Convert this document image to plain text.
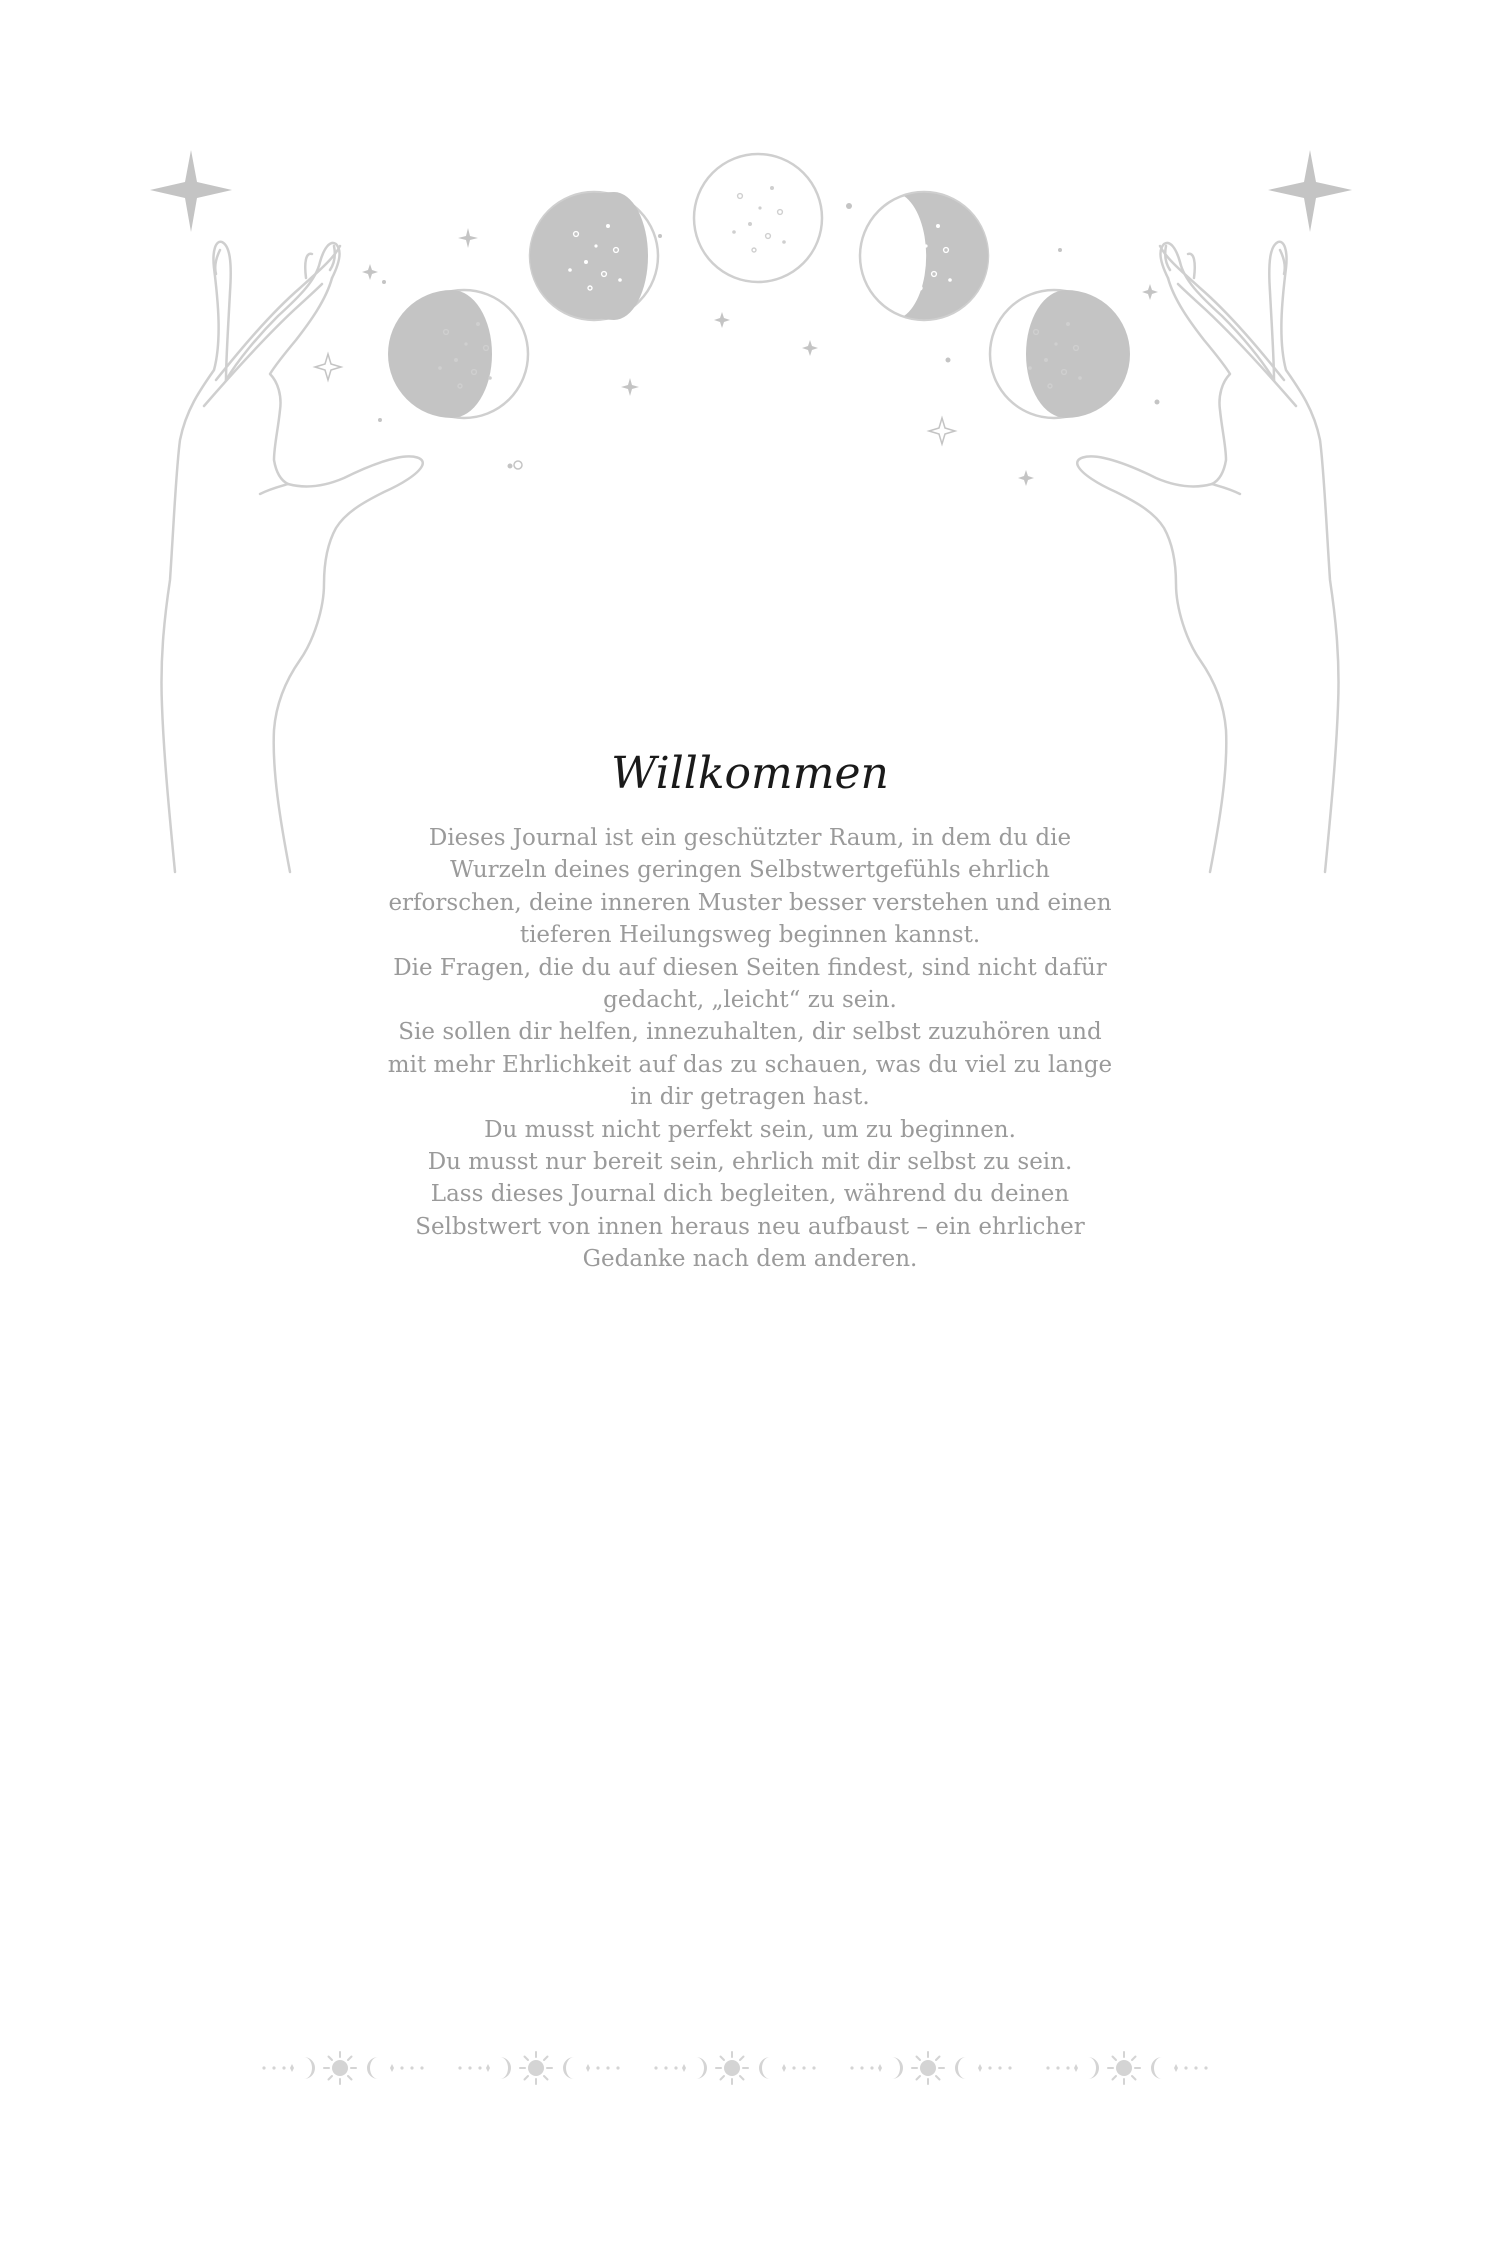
Willkommen

Dieses Journal ist ein geschützter Raum, in dem du die
Wurzeln deines geringen Selbstwertgefühls ehrlich
erforschen, deine inneren Muster besser verstehen und einen
tieferen Heilungsweg beginnen kannst.
Die Fragen, die du auf diesen Seiten findest, sind nicht dafür
gedacht, „leicht“ zu sein.
Sie sollen dir helfen, innezuhalten, dir selbst zuzuhören und
mit mehr Ehrlichkeit auf das zu schauen, was du viel zu lange
in dir getragen hast.
Du musst nicht perfekt sein, um zu beginnen.
Du musst nur bereit sein, ehrlich mit dir selbst zu sein.
Lass dieses Journal dich begleiten, während du deinen
Selbstwert von innen heraus neu aufbaust – ein ehrlicher
Gedanke nach dem anderen.
